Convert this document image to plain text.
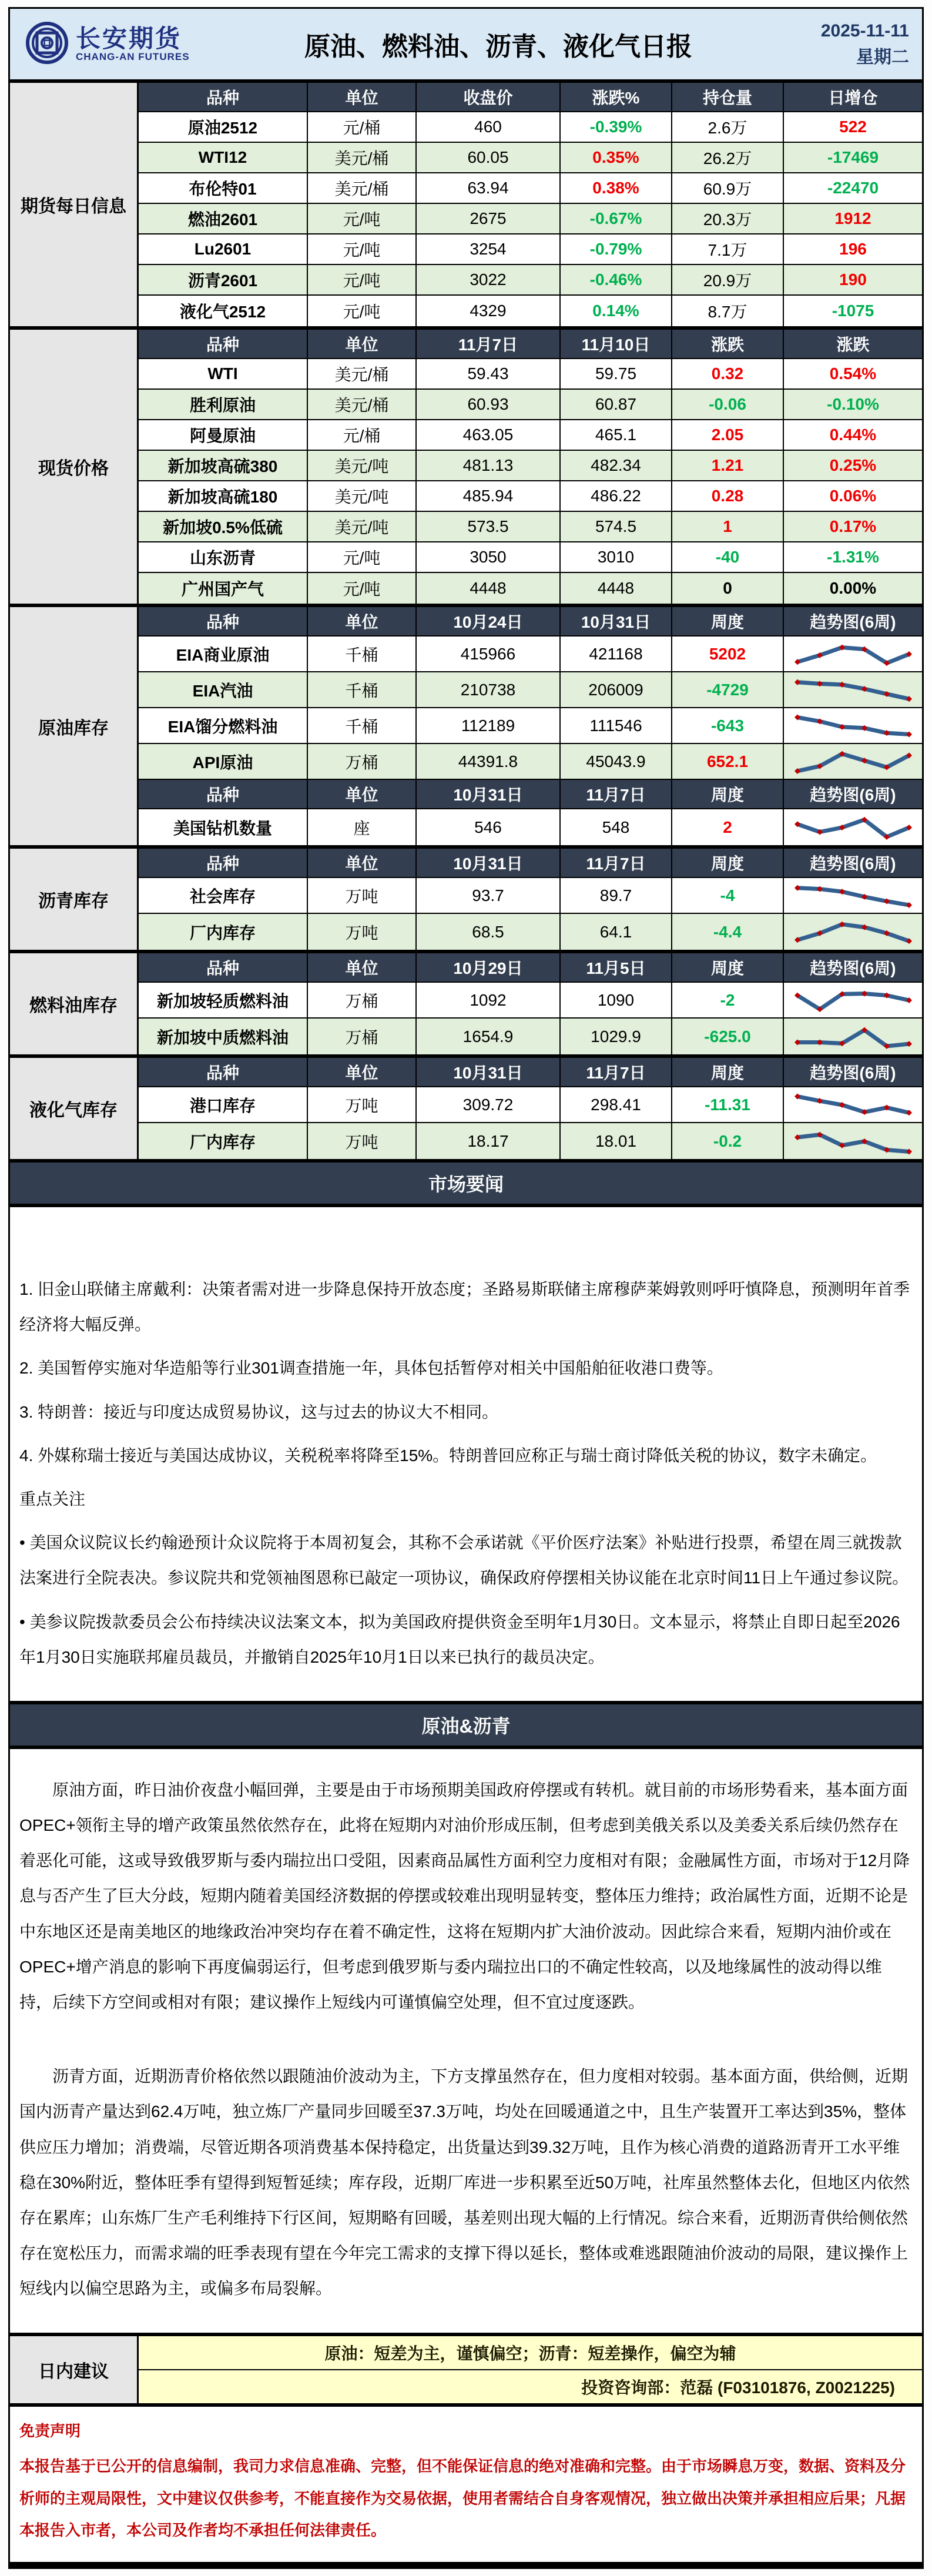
长安期货
CHANG-AN FUTURES	原油、燃料油、沥青、液化气日报
2025-11-11
星期二
期货每日信息
品种	单位	收盘价	涨跌%	持仓量	日增仓
原油2512	元/桶	460	-0.39%	2.6万	522
WTI12	美元/桶	60.05	0.35%	26.2万	-17469
布伦特01	美元/桶	63.94	0.38%	60.9万	-22470
燃油2601	元/吨	2675	-0.67%	20.3万	1912
Lu2601	元/吨	3254	-0.79%	7.1万	196
沥青2601	元/吨	3022	-0.46%	20.9万	190
液化气2512	元/吨	4329	0.14%	8.7万	-1075
现货价格
品种	单位	11月7日	11月10日	涨跌	涨跌
WTI	美元/桶	59.43	59.75	0.32	0.54%
胜利原油	美元/桶	60.93	60.87	-0.06	-0.10%
阿曼原油	元/桶	463.05	465.1	2.05	0.44%
新加坡高硫380	美元/吨	481.13	482.34	1.21	0.25%
新加坡高硫180	美元/吨	485.94	486.22	0.28	0.06%
新加坡0.5%低硫	美元/吨	573.5	574.5	1	0.17%
山东沥青	元/吨	3050	3010	-40	-1.31%
广州国产气	元/吨	4448	4448	0	0.00%
原油库存
品种	单位	10月24日	10月31日	周度	趋势图(6周)
EIA商业原油	千桶	415966	421168	5202
EIA汽油	千桶	210738	206009	-4729
EIA馏分燃料油	千桶	112189	111546	-643
API原油	万桶	44391.8	45043.9	652.1
品种	单位	10月31日	11月7日	周度	趋势图(6周)
美国钻机数量	座	546	548	2
沥青库存
品种	单位	10月31日	11月7日	周度	趋势图(6周)
社会库存	万吨	93.7	89.7	-4
厂内库存	万吨	68.5	64.1	-4.4
燃料油库存
品种	单位	10月29日	11月5日	周度	趋势图(6周)
新加坡轻质燃料油	万桶	1092	1090	-2
新加坡中质燃料油	万桶	1654.9	1029.9	-625.0
液化气库存
品种	单位	10月31日	11月7日	周度	趋势图(6周)
港口库存	万吨	309.72	298.41	-11.31
厂内库存	万吨	18.17	18.01	-0.2
市场要闻

1. 旧金山联储主席戴利：决策者需对进一步降息保持开放态度；圣路易斯联储主席穆萨莱姆敦则呼吁慎降息，预测明年首季经济将大幅反弹。

2. 美国暂停实施对华造船等行业301调查措施一年，具体包括暂停对相关中国船舶征收港口费等。

3. 特朗普：接近与印度达成贸易协议，这与过去的协议大不相同。

4. 外媒称瑞士接近与美国达成协议，关税税率将降至15%。特朗普回应称正与瑞士商讨降低关税的协议，数字未确定。

重点关注

• 美国众议院议长约翰逊预计众议院将于本周初复会，其称不会承诺就《平价医疗法案》补贴进行投票，希望在周三就拨款法案进行全院表决。参议院共和党领袖图恩称已敲定一项协议，确保政府停摆相关协议能在北京时间11日上午通过参议院。

• 美参议院拨款委员会公布持续决议法案文本，拟为美国政府提供资金至明年1月30日。文本显示，将禁止自即日起至2026年1月30日实施联邦雇员裁员，并撤销自2025年10月1日以来已执行的裁员决定。

原油&沥青

原油方面，昨日油价夜盘小幅回弹，主要是由于市场预期美国政府停摆或有转机。就目前的市场形势看来，基本面方面OPEC+领衔主导的增产政策虽然依然存在，此将在短期内对油价形成压制，但考虑到美俄关系以及美委关系后续仍然存在着恶化可能，这或导致俄罗斯与委内瑞拉出口受阻，因素商品属性方面利空力度相对有限；金融属性方面，市场对于12月降息与否产生了巨大分歧，短期内随着美国经济数据的停摆或较难出现明显转变，整体压力维持；政治属性方面，近期不论是中东地区还是南美地区的地缘政治冲突均存在着不确定性，这将在短期内扩大油价波动。因此综合来看，短期内油价或在OPEC+增产消息的影响下再度偏弱运行，但考虑到俄罗斯与委内瑞拉出口的不确定性较高，以及地缘属性的波动得以维持，后续下方空间或相对有限；建议操作上短线内可谨慎偏空处理，但不宜过度逐跌。

沥青方面，近期沥青价格依然以跟随油价波动为主，下方支撑虽然存在，但力度相对较弱。基本面方面，供给侧，近期国内沥青产量达到62.4万吨，独立炼厂产量同步回暖至37.3万吨，均处在回暖通道之中，且生产装置开工率达到35%，整体供应压力增加；消费端，尽管近期各项消费基本保持稳定，出货量达到39.32万吨，且作为核心消费的道路沥青开工水平维稳在30%附近，整体旺季有望得到短暂延续；库存段，近期厂库进一步积累至近50万吨，社库虽然整体去化，但地区内依然存在累库；山东炼厂生产毛利维持下行区间，短期略有回暖，基差则出现大幅的上行情况。综合来看，近期沥青供给侧依然存在宽松压力，而需求端的旺季表现有望在今年完工需求的支撑下得以延长，整体或难逃跟随油价波动的局限，建议操作上短线内以偏空思路为主，或偏多布局裂解。

日内建议
原油：短差为主，谨慎偏空；沥青：短差操作，偏空为辅
投资咨询部：范磊 (F03101876, Z0021225)

免责声明

本报告基于已公开的信息编制，我司力求信息准确、完整，但不能保证信息的绝对准确和完整。由于市场瞬息万变，数据、资料及分析师的主观局限性，文中建议仅供参考，不能直接作为交易依据，使用者需结合自身客观情况，独立做出决策并承担相应后果；凡据本报告入市者，本公司及作者均不承担任何法律责任。
